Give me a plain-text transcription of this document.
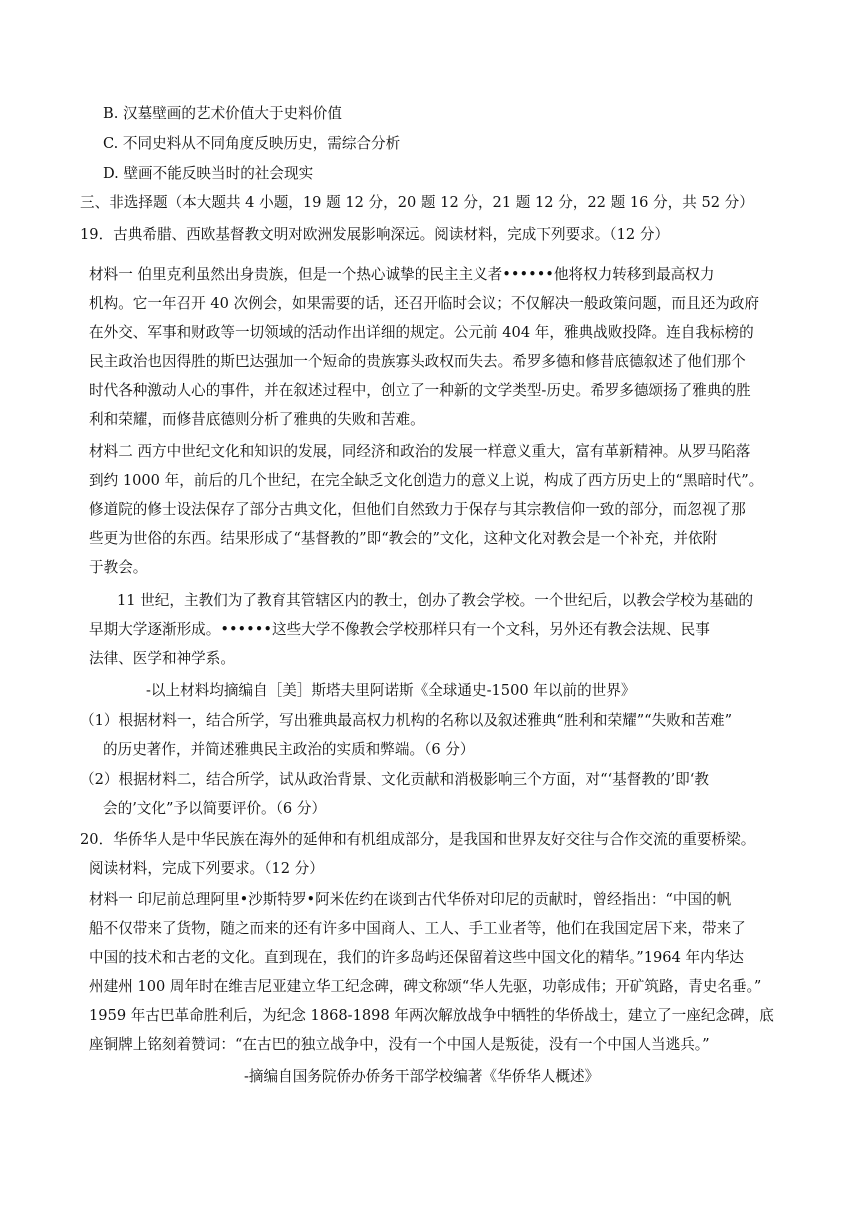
B. 汉墓壁画的艺术价值大于史料价值
C. 不同史料从不同角度反映历史，需综合分析
D. 壁画不能反映当时的社会现实
三、非选择题（本大题共 4 小题，19 题 12 分，20 题 12 分，21 题 12 分，22 题 16 分，共 52 分）
19．古典希腊、西欧基督教文明对欧洲发展影响深远。阅读材料，完成下列要求。（12 分）
材料一 伯里克利虽然出身贵族，但是一个热心诚挚的民主主义者••••••他将权力转移到最高权力
机构。它一年召开 40 次例会，如果需要的话，还召开临时会议；不仅解决一般政策问题，而且还为政府
在外交、军事和财政等一切领域的活动作出详细的规定。公元前 404 年，雅典战败投降。连自我标榜的
民主政治也因得胜的斯巴达强加一个短命的贵族寡头政权而失去。希罗多德和修昔底德叙述了他们那个
时代各种激动人心的事件，并在叙述过程中，创立了一种新的文学类型-历史。希罗多德颂扬了雅典的胜
利和荣耀，而修昔底德则分析了雅典的失败和苦难。
材料二 西方中世纪文化和知识的发展，同经济和政治的发展一样意义重大，富有革新精神。从罗马陷落
到约 1000 年，前后的几个世纪，在完全缺乏文化创造力的意义上说，构成了西方历史上的“黑暗时代”。
修道院的修士设法保存了部分古典文化，但他们自然致力于保存与其宗教信仰一致的部分，而忽视了那
些更为世俗的东西。结果形成了“基督教的”即“教会的”文化，这种文化对教会是一个补充，并依附
于教会。
11 世纪，主教们为了教育其管辖区内的教士，创办了教会学校。一个世纪后，以教会学校为基础的
早期大学逐渐形成。••••••这些大学不像教会学校那样只有一个文科，另外还有教会法规、民事
法律、医学和神学系。
-以上材料均摘编自［美］斯塔夫里阿诺斯《全球通史-1500 年以前的世界》
（1）根据材料一，结合所学，写出雅典最高权力机构的名称以及叙述雅典“胜利和荣耀”“失败和苦难”
的历史著作，并简述雅典民主政治的实质和弊端。（6 分）
（2）根据材料二，结合所学，试从政治背景、文化贡献和消极影响三个方面，对“‘基督教的’即‘教
会的’文化”予以简要评价。（6 分）
20．华侨华人是中华民族在海外的延伸和有机组成部分，是我国和世界友好交往与合作交流的重要桥梁。
阅读材料，完成下列要求。（12 分）
材料一 印尼前总理阿里•沙斯特罗•阿米佐约在谈到古代华侨对印尼的贡献时，曾经指出：“中国的帆
船不仅带来了货物，随之而来的还有许多中国商人、工人、手工业者等，他们在我国定居下来，带来了
中国的技术和古老的文化。直到现在，我们的许多岛屿还保留着这些中国文化的精华。”1964 年内华达
州建州 100 周年时在维吉尼亚建立华工纪念碑，碑文称颂“华人先驱，功彰成伟；开矿筑路，青史名垂。”
1959 年古巴革命胜利后，为纪念 1868-1898 年两次解放战争中牺牲的华侨战士，建立了一座纪念碑，底
座铜牌上铭刻着赞词：“在古巴的独立战争中，没有一个中国人是叛徒，没有一个中国人当逃兵。”
-摘编自国务院侨办侨务干部学校编著《华侨华人概述》
